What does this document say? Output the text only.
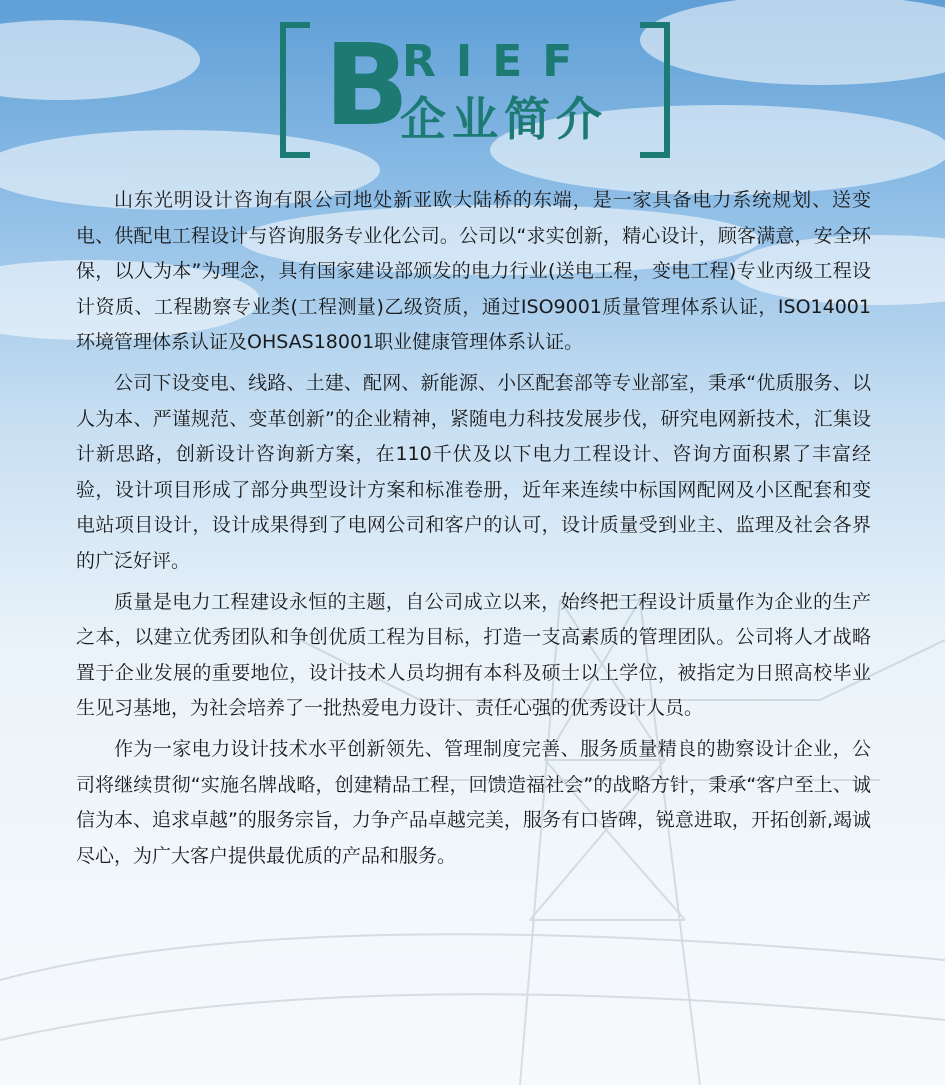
B
RIEF
企业简介

山东光明设计咨询有限公司地处新亚欧大陆桥的东端，是一家具备电力系统规划、送变电、供配电工程设计与咨询服务专业化公司。公司以“求实创新，精心设计，顾客满意，安全环保，以人为本”为理念，具有国家建设部颁发的电力行业(送电工程，变电工程)专业丙级工程设计资质、工程勘察专业类(工程测量)乙级资质，通过ISO9001质量管理体系认证，ISO14001环境管理体系认证及OHSAS18001职业健康管理体系认证。

公司下设变电、线路、土建、配网、新能源、小区配套部等专业部室，秉承“优质服务、以人为本、严谨规范、变革创新”的企业精神，紧随电力科技发展步伐，研究电网新技术，汇集设计新思路，创新设计咨询新方案，在110千伏及以下电力工程设计、咨询方面积累了丰富经验，设计项目形成了部分典型设计方案和标准卷册，近年来连续中标国网配网及小区配套和变电站项目设计，设计成果得到了电网公司和客户的认可，设计质量受到业主、监理及社会各界的广泛好评。

质量是电力工程建设永恒的主题，自公司成立以来，始终把工程设计质量作为企业的生产之本，以建立优秀团队和争创优质工程为目标，打造一支高素质的管理团队。公司将人才战略置于企业发展的重要地位，设计技术人员均拥有本科及硕士以上学位，被指定为日照高校毕业生见习基地，为社会培养了一批热爱电力设计、责任心强的优秀设计人员。

作为一家电力设计技术水平创新领先、管理制度完善、服务质量精良的勘察设计企业，公司将继续贯彻“实施名牌战略，创建精品工程，回馈造福社会”的战略方针，秉承“客户至上、诚信为本、追求卓越”的服务宗旨，力争产品卓越完美，服务有口皆碑，锐意进取，开拓创新,竭诚尽心，为广大客户提供最优质的产品和服务。
